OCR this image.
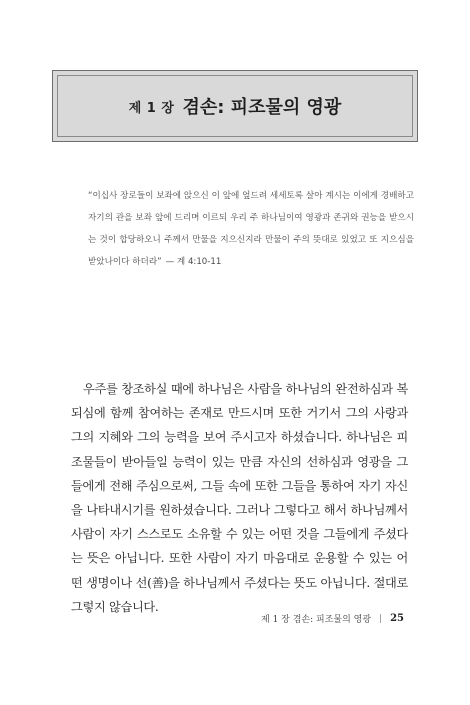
제 1 장 겸손: 피조물의 영광

“이십사 장로들이 보좌에 앉으신 이 앞에 엎드려 세세토록 살아 계시는 이에게 경배하고 자기의 관을 보좌 앞에 드리며 이르되 우리 주 하나님이여 영광과 존귀와 권능을 받으시는 것이 합당하오니 주께서 만물을 지으신지라 만물이 주의 뜻대로 있었고 또 지으심을 받았나이다 하더라” — 계 4:10-11

우주를 창조하실 때에 하나님은 사람을 하나님의 완전하심과 복되심에 함께 참여하는 존재로 만드시며 또한 거기서 그의 사랑과 그의 지혜와 그의 능력을 보여 주시고자 하셨습니다. 하나님은 피조물들이 받아들일 능력이 있는 만큼 자신의 선하심과 영광을 그들에게 전해 주심으로써, 그들 속에 또한 그들을 통하여 자기 자신을 나타내시기를 원하셨습니다. 그러나 그렇다고 해서 하나님께서 사람이 자기 스스로도 소유할 수 있는 어떤 것을 그들에게 주셨다는 뜻은 아닙니다. 또한 사람이 자기 마음대로 운용할 수 있는 어떤 생명이나 선(善)을 하나님께서 주셨다는 뜻도 아닙니다. 절대로 그렇지 않습니다.

제 1 장 겸손: 피조물의 영광 | 25
